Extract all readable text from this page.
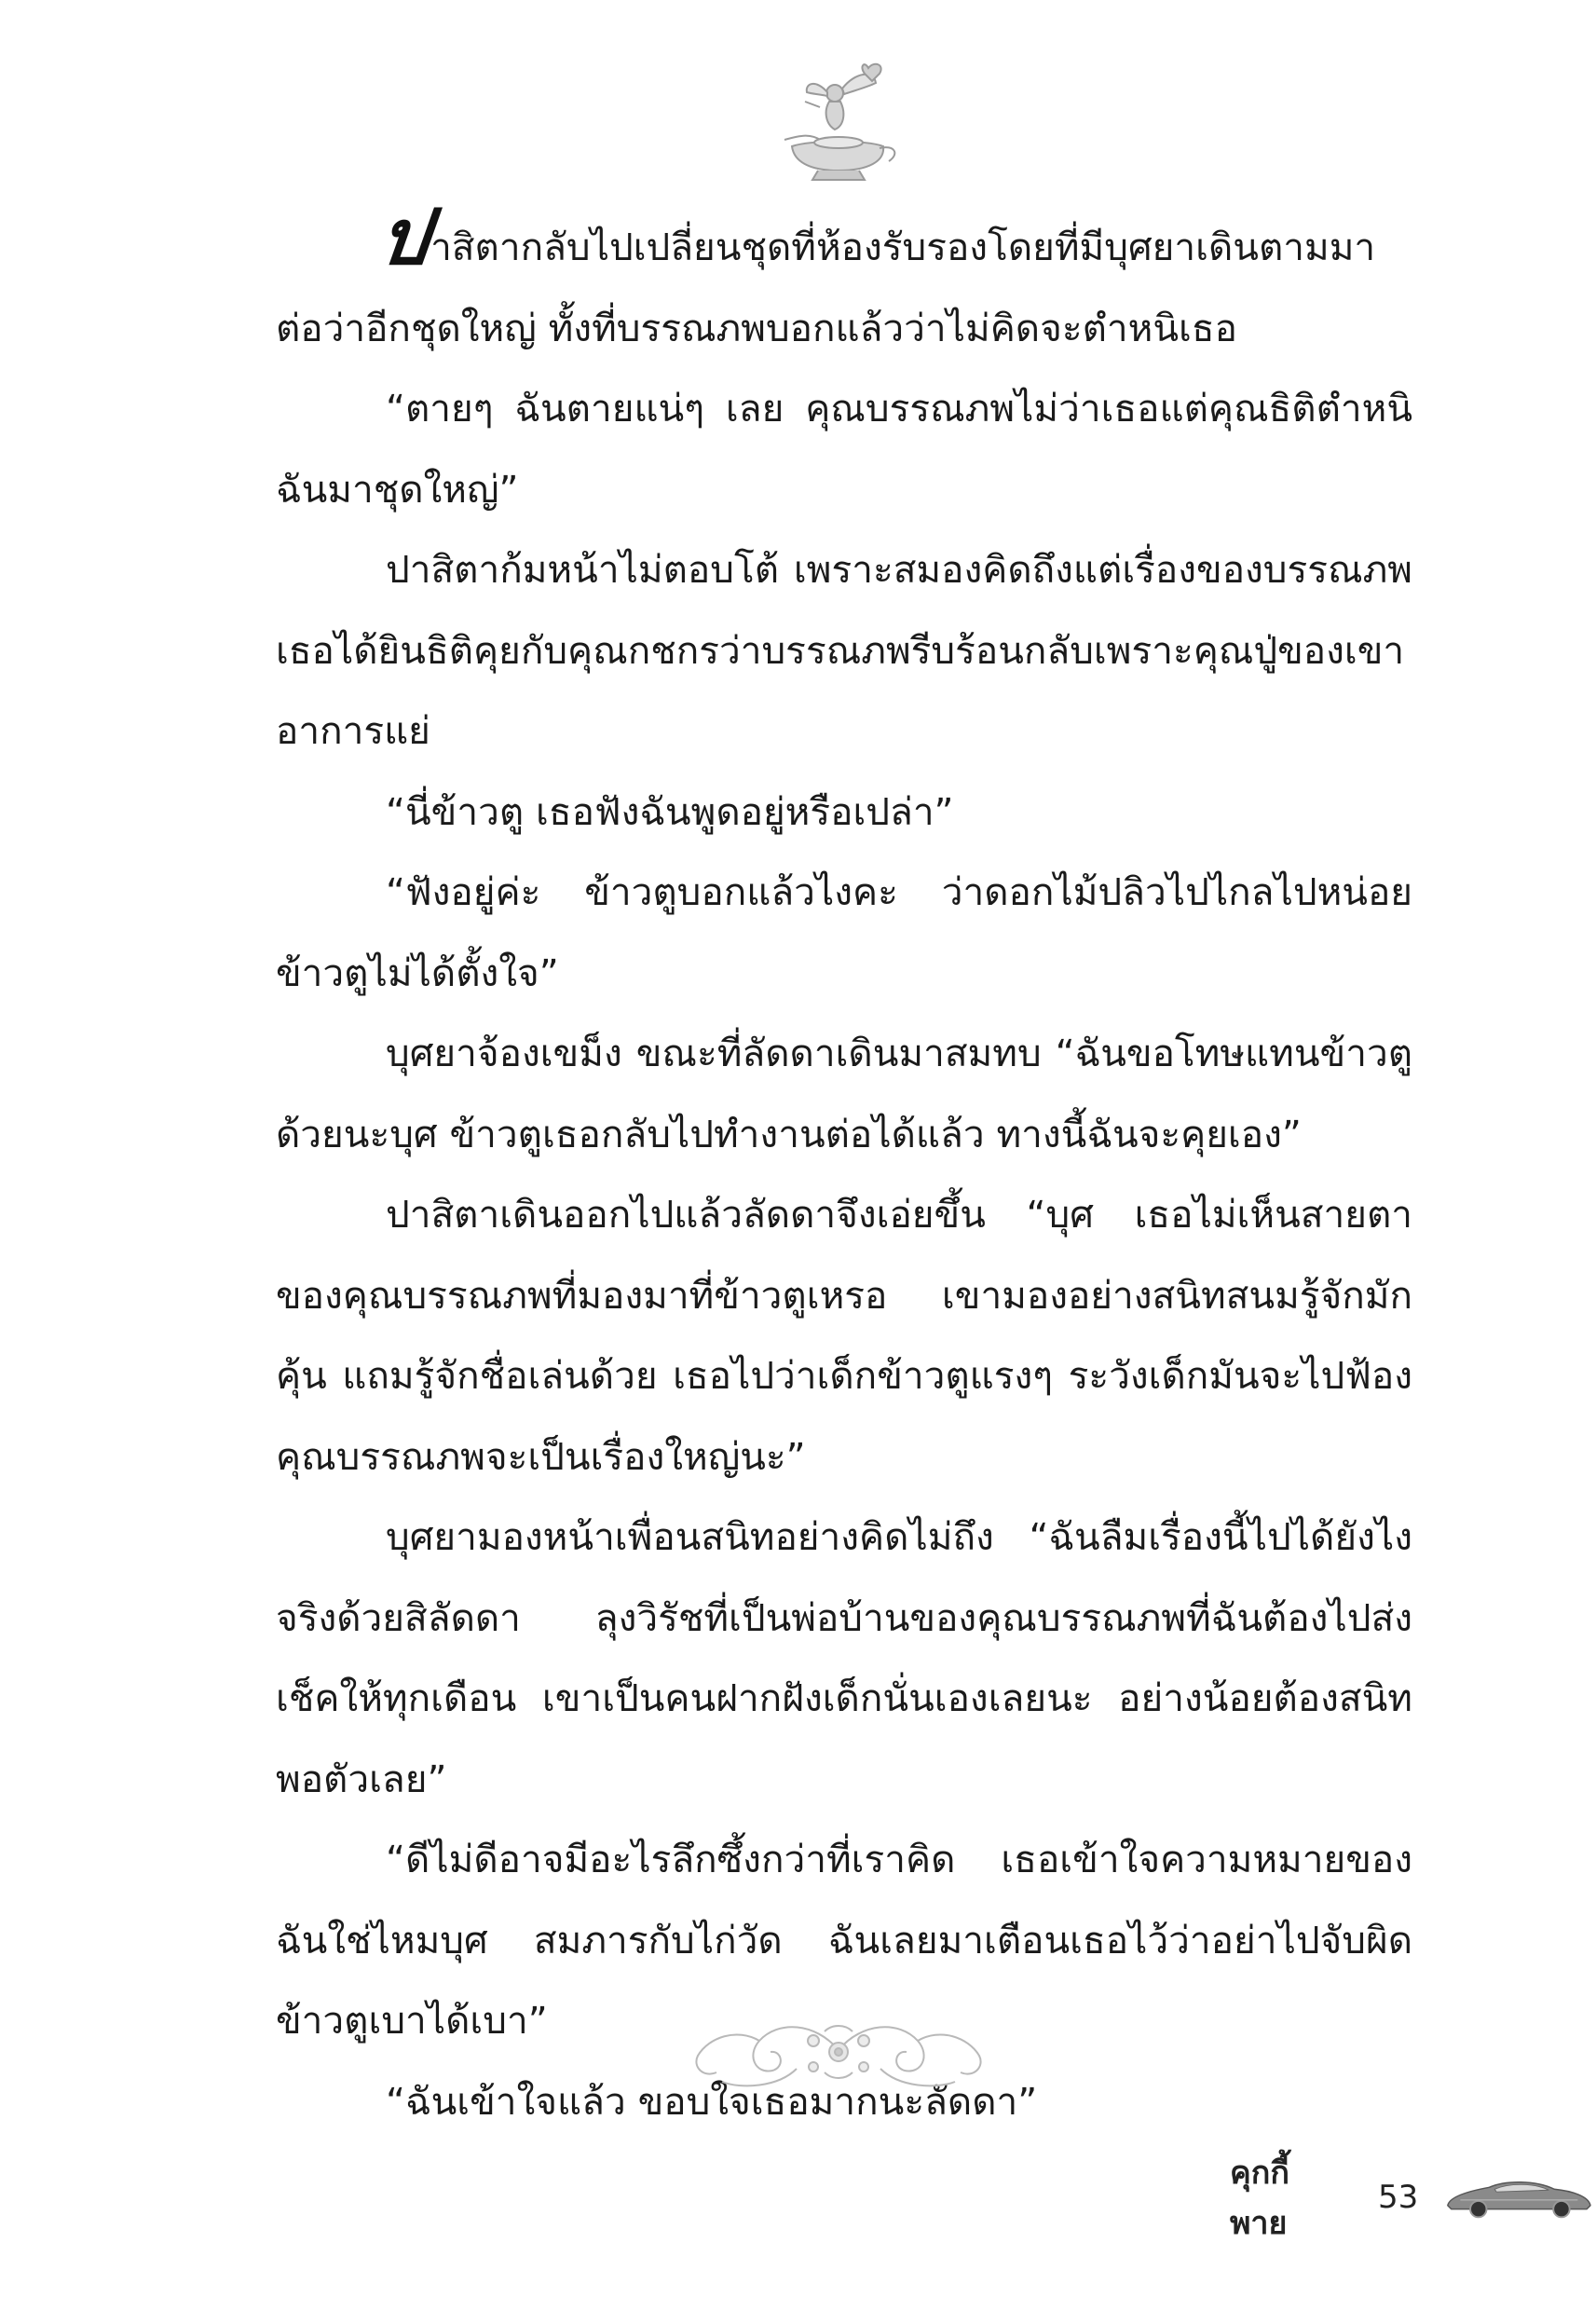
ปาสิตากลับไปเปลี่ยนชุดที่ห้องรับรองโดยที่มีบุศยาเดินตามมาต่อว่าอีกชุดใหญ่ ทั้งที่บรรณภพบอกแล้วว่าไม่คิดจะตำหนิเธอ

“ตายๆ ฉันตายแน่ๆ เลย คุณบรรณภพไม่ว่าเธอแต่คุณธิติตำหนิฉันมาชุดใหญ่”

ปาสิตาก้มหน้าไม่ตอบโต้ เพราะสมองคิดถึงแต่เรื่องของบรรณภพ เธอได้ยินธิติคุยกับคุณกชกรว่าบรรณภพรีบร้อนกลับเพราะคุณปู่ของเขาอาการแย่

“นี่ข้าวตู เธอฟังฉันพูดอยู่หรือเปล่า”

“ฟังอยู่ค่ะ ข้าวตูบอกแล้วไงคะ ว่าดอกไม้ปลิวไปไกลไปหน่อย ข้าวตูไม่ได้ตั้งใจ”

บุศยาจ้องเขม็ง ขณะที่ลัดดาเดินมาสมทบ “ฉันขอโทษแทนข้าวตูด้วยนะบุศ ข้าวตูเธอกลับไปทำงานต่อได้แล้ว ทางนี้ฉันจะคุยเอง”

ปาสิตาเดินออกไปแล้วลัดดาจึงเอ่ยขึ้น “บุศ เธอไม่เห็นสายตาของคุณบรรณภพที่มองมาที่ข้าวตูเหรอ เขามองอย่างสนิทสนมรู้จักมักคุ้น แถมรู้จักชื่อเล่นด้วย เธอไปว่าเด็กข้าวตูแรงๆ ระวังเด็กมันจะไปฟ้องคุณบรรณภพจะเป็นเรื่องใหญ่นะ”

บุศยามองหน้าเพื่อนสนิทอย่างคิดไม่ถึง “ฉันลืมเรื่องนี้ไปได้ยังไงจริงด้วยสิลัดดา ลุงวิรัชที่เป็นพ่อบ้านของคุณบรรณภพที่ฉันต้องไปส่งเช็คให้ทุกเดือน เขาเป็นคนฝากฝังเด็กนั่นเองเลยนะ อย่างน้อยต้องสนิทพอตัวเลย”

“ดีไม่ดีอาจมีอะไรลึกซึ้งกว่าที่เราคิด เธอเข้าใจความหมายของฉันใช่ไหมบุศ สมภารกับไก่วัด ฉันเลยมาเตือนเธอไว้ว่าอย่าไปจับผิดข้าวตูเบาได้เบา”

“ฉันเข้าใจแล้ว ขอบใจเธอมากนะลัดดา”

คุกกี้ พาย
53
